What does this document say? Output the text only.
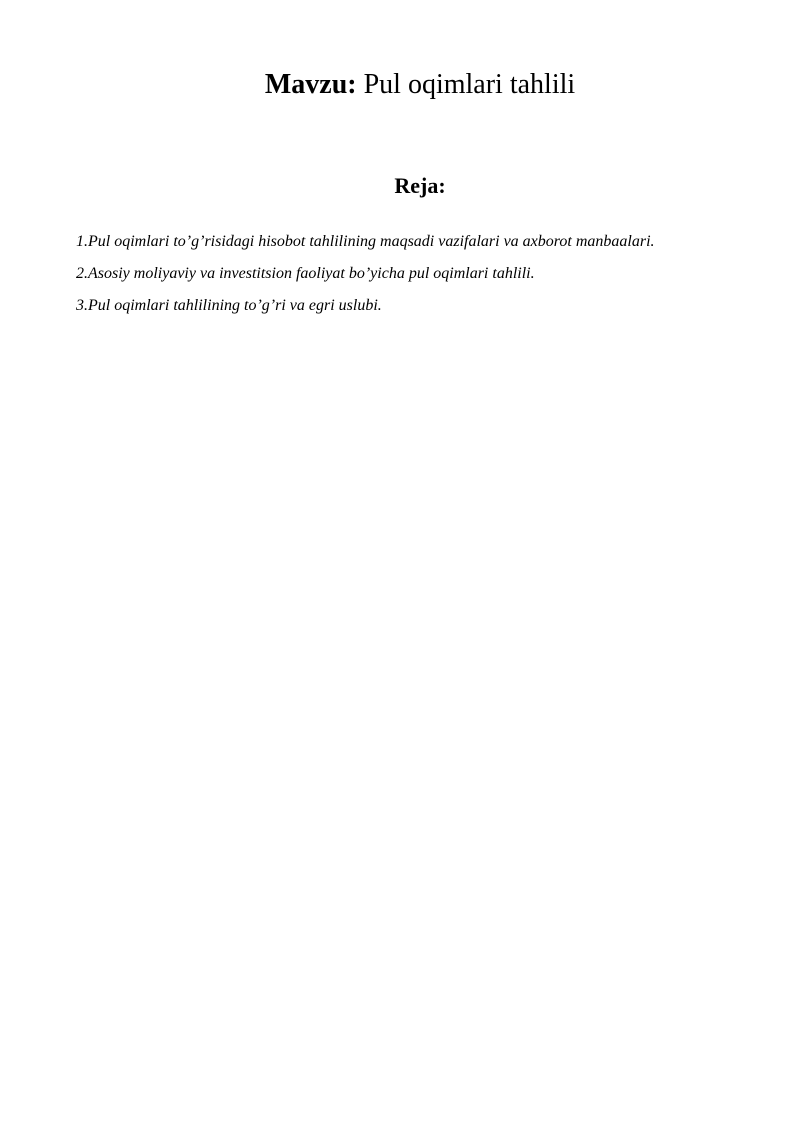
Mavzu: Pul oqimlari tahlili
Reja:
1.Pul oqimlari to’g’risidagi hisobot tahlilining maqsadi vazifalari va axborot manbaalari.
2.Asosiy moliyaviy va investitsion faoliyat bo’yicha pul oqimlari tahlili.
3.Pul oqimlari tahlilining to’g’ri va egri uslubi.
